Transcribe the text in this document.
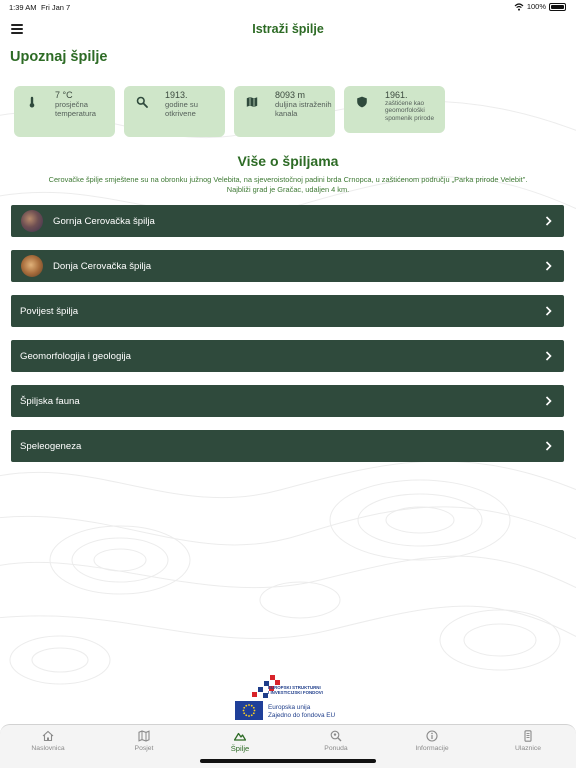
1:39 AM Fri Jan 7	100%
Istraži špilje
Upoznaj špilje
7 °C
prosječna temperatura
1913.
godine su otkrivene
8093 m
duljina istraženih kanala
1961.
zaštićene kao geomorfološki spomenik prirode
Više o špiljama
Cerovačke špilje smještene su na obronku južnog Velebita, na sjeveroistočnoj padini brda Crnopca, u zaštićenom području „Parka prirode Velebit".
Najbliži grad je Gračac, udaljen 4 km.
Gornja Cerovačka špilja
Donja Cerovačka špilja
Povijest špilja
Geomorfologija i geologija
Špiljska fauna
Speleogeneza
EUROPSKI STRUKTURNI
I INVESTICIJSKI FONDOVI
Europska unija
Zajedno do fondova EU
Naslovnica	Posjet	Špilje	Ponuda	Informacije	Ulaznice
